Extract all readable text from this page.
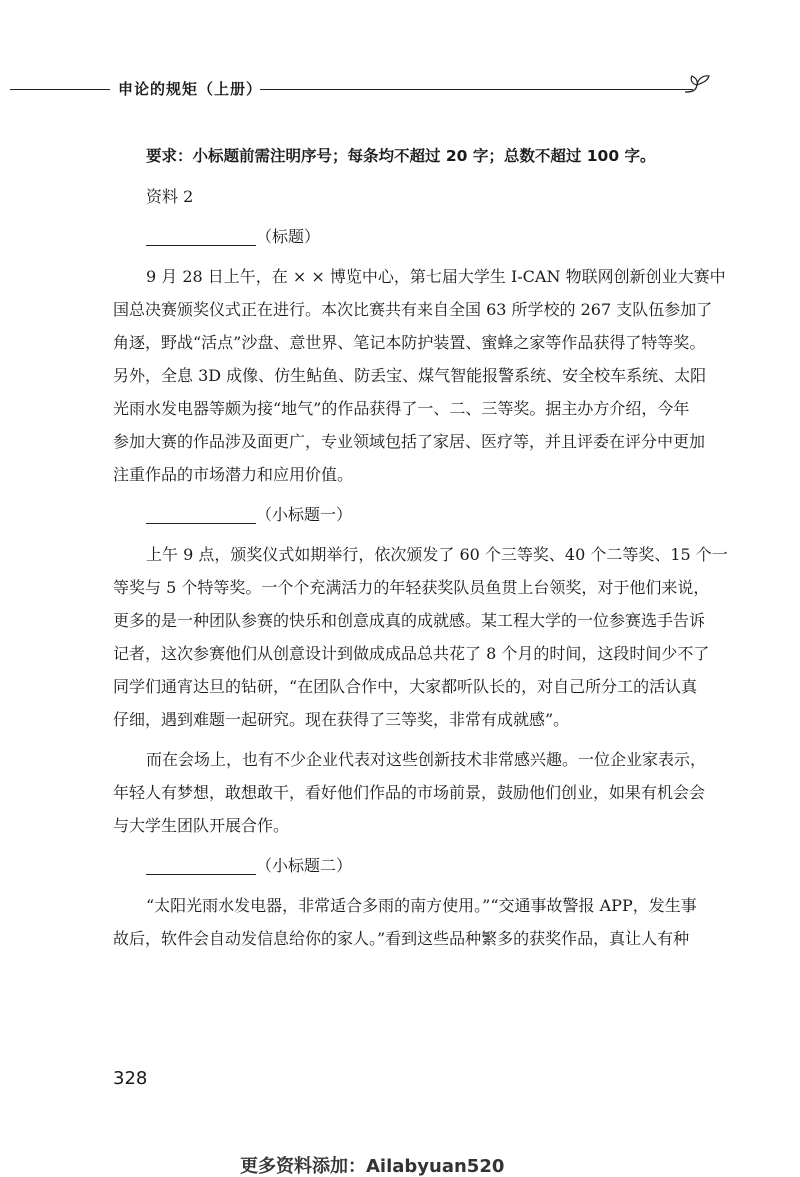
申论的规矩（上册）
要求：小标题前需注明序号；每条均不超过 20 字；总数不超过 100 字。
资料 2
（标题）
9 月 28 日上午，在 × × 博览中心，第七届大学生 I-CAN 物联网创新创业大赛中
国总决赛颁奖仪式正在进行。本次比赛共有来自全国 63 所学校的 267 支队伍参加了
角逐，野战“活点”沙盘、意世界、笔记本防护装置、蜜蜂之家等作品获得了特等奖。
另外，全息 3D 成像、仿生鲇鱼、防丢宝、煤气智能报警系统、安全校车系统、太阳
光雨水发电器等颇为接“地气”的作品获得了一、二、三等奖。据主办方介绍，今年
参加大赛的作品涉及面更广，专业领域包括了家居、医疗等，并且评委在评分中更加
注重作品的市场潜力和应用价值。
（小标题一）
上午 9 点，颁奖仪式如期举行，依次颁发了 60 个三等奖、40 个二等奖、15 个一
等奖与 5 个特等奖。一个个充满活力的年轻获奖队员鱼贯上台领奖，对于他们来说，
更多的是一种团队参赛的快乐和创意成真的成就感。某工程大学的一位参赛选手告诉
记者，这次参赛他们从创意设计到做成成品总共花了 8 个月的时间，这段时间少不了
同学们通宵达旦的钻研，“在团队合作中，大家都听队长的，对自己所分工的活认真
仔细，遇到难题一起研究。现在获得了三等奖，非常有成就感”。
而在会场上，也有不少企业代表对这些创新技术非常感兴趣。一位企业家表示，
年轻人有梦想，敢想敢干，看好他们作品的市场前景，鼓励他们创业，如果有机会会
与大学生团队开展合作。
（小标题二）
“太阳光雨水发电器，非常适合多雨的南方使用。”“交通事故警报 APP，发生事
故后，软件会自动发信息给你的家人。”看到这些品种繁多的获奖作品，真让人有种
328
更多资料添加：Ailabyuan520
